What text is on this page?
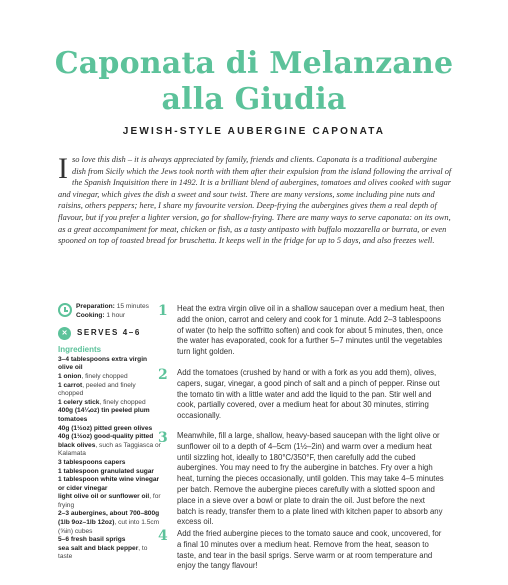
Caponata di Melanzane
alla Giudia
JEWISH-STYLE AUBERGINE CAPONATA

Iso love this dish – it is always appreciated by family, friends and clients. Caponata is a traditional aubergine dish from Sicily which the Jews took north with them after their expulsion from the island following the arrival of the Spanish Inquisition there in 1492. It is a brilliant blend of aubergines, tomatoes and olives cooked with sugar and vinegar, which gives the dish a sweet and sour twist. There are many versions, some including pine nuts and raisins, others peppers; here, I share my favourite version. Deep-frying the aubergines gives them a real depth of flavour, but if you prefer a lighter version, go for shallow-frying. There are many ways to serve caponata: on its own, as a great accompaniment for meat, chicken or fish, as a tasty antipasto with buffalo mozzarella or burrata, or even spooned on top of toasted bread for bruschetta. It keeps well in the fridge for up to 5 days, and also freezes well.

Preparation: 15 minutes
Cooking: 1 hour
✕	SERVES 4–6
Ingredients
3–4 tablespoons extra virgin olive oil
1 onion, finely chopped
1 carrot, peeled and finely chopped
1 celery stick, finely chopped
400g (14¼oz) tin peeled plum tomatoes
40g (1½oz) pitted green olives
40g (1½oz) good-quality pitted black olives, such as Taggiasca or Kalamata
3 tablespoons capers
1 tablespoon granulated sugar
1 tablespoon white wine vinegar or cider vinegar
light olive oil or sunflower oil, for frying
2–3 aubergines, about 700–800g (1lb 9oz–1lb 12oz), cut into 1.5cm (⅝in) cubes
5–6 fresh basil sprigs
sea salt and black pepper, to taste
1	Heat the extra virgin olive oil in a shallow saucepan over a medium heat, then add the onion, carrot and celery and cook for 1 minute. Add 2–3 tablespoons of water (to help the soffritto soften) and cook for about 5 minutes, then, once the water has evaporated, cook for a further 5–7 minutes until the vegetables turn light golden.

2	Add the tomatoes (crushed by hand or with a fork as you add them), olives, capers, sugar, vinegar, a good pinch of salt and a pinch of pepper. Rinse out the tomato tin with a little water and add the liquid to the pan. Stir well and cook, partially covered, over a medium heat for about 30 minutes, stirring occasionally.

3	Meanwhile, fill a large, shallow, heavy-based saucepan with the light olive or sunflower oil to a depth of 4–5cm (1½–2in) and warm over a medium heat until sizzling hot, ideally to 180°C/350°F, then carefully add the cubed aubergines. You may need to fry the aubergine in batches. Fry over a high heat, turning the pieces occasionally, until golden. This may take 4–5 minutes per batch. Remove the aubergine pieces carefully with a slotted spoon and place in a sieve over a bowl or plate to drain the oil. Just before the next batch is ready, transfer them to a plate lined with kitchen paper to absorb any excess oil.

4	Add the fried aubergine pieces to the tomato sauce and cook, uncovered, for a final 10 minutes over a medium heat. Remove from the heat, season to taste, and tear in the basil sprigs. Serve warm or at room temperature and enjoy the tangy flavour!
